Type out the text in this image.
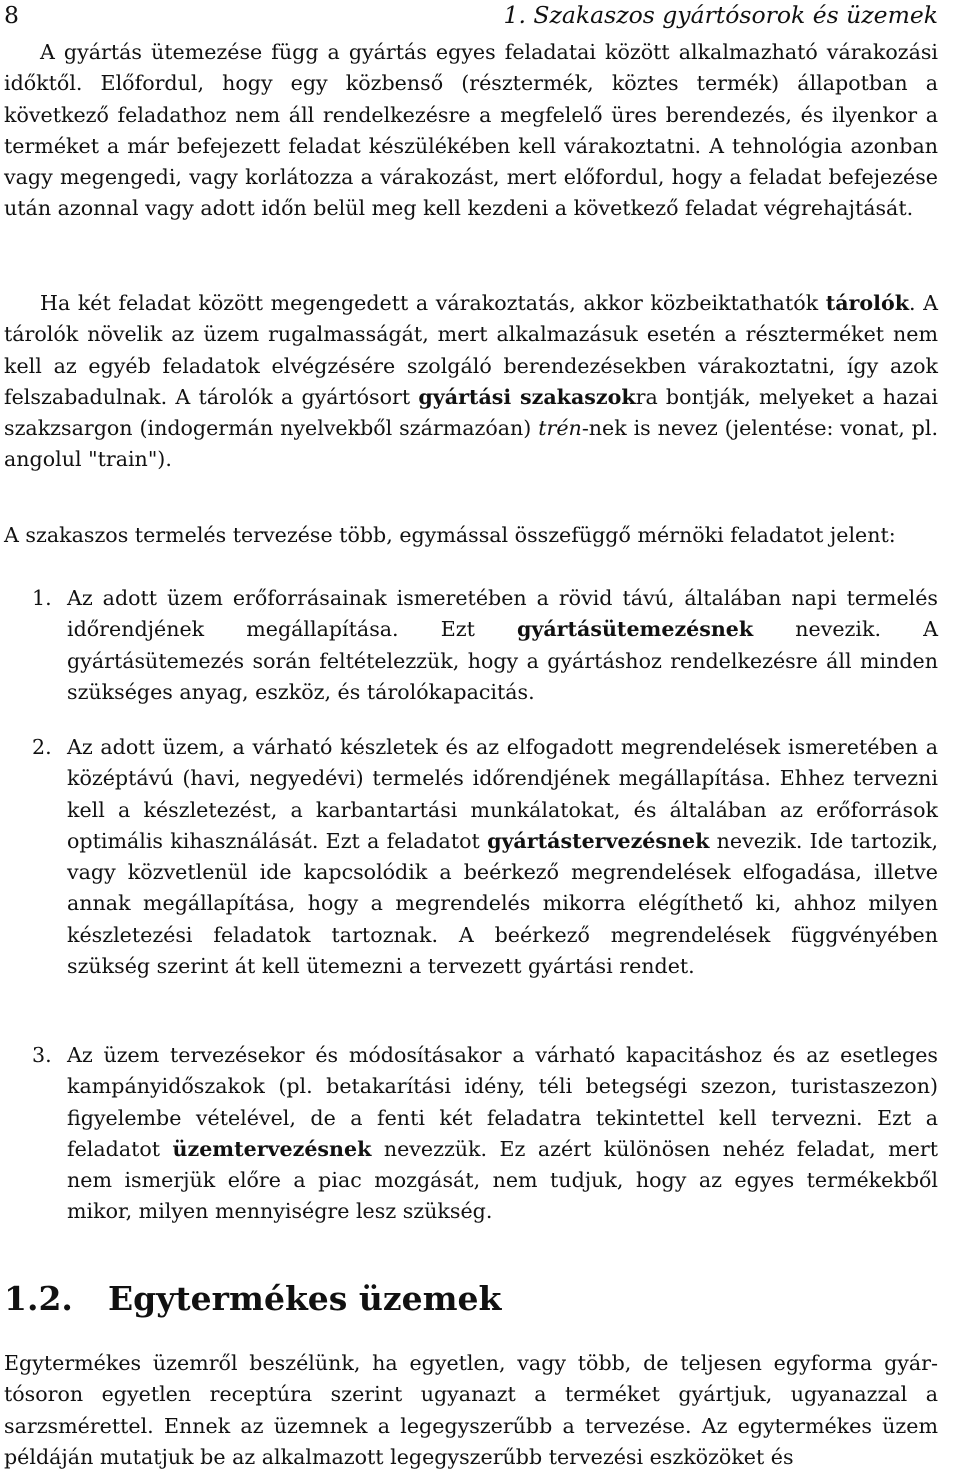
8	1. Szakaszos gyártósorok és üzemek

A gyártás ütemezése függ a gyártás egyes feladatai között alkalmazható várakozási időktől. Előfordul, hogy egy közbenső (résztermék, köztes termék) állapotban a következő feladathoz nem áll rendelkezésre a megfelelő üres berendezés, és ilyenkor a terméket a már befejezett feladat készülékében kell várakoztatni. A tehnológia azonban vagy megengedi, vagy korlátozza a várakozást, mert előfordul, hogy a feladat befejezése után azonnal vagy adott időn belül meg kell kezdeni a következő feladat végrehajtását.

Ha két feladat között megengedett a várakoztatás, akkor közbeiktathatók tárolók. A tárolók növelik az üzem rugalmasságát, mert alkalmazásuk esetén a részterméket nem kell az egyéb feladatok elvégzésére szolgáló berendezésekben várakoztatni, így azok felszabadulnak. A tárolók a gyártósort gyártási szakaszokra bontják, melyeket a hazai szakzsargon (indogermán nyelvekből származóan) trén-nek is nevez (jelentése: vonat, pl. angolul "train").

A szakaszos termelés tervezése több, egymással összefüggő mérnöki feladatot jelent:

1. Az adott üzem erőforrásainak ismeretében a rövid távú, általában napi termelés időrendjének megállapítása. Ezt gyártásütemezésnek nevezik. A gyártásütemezés során feltételezzük, hogy a gyártáshoz rendelkezésre áll minden szükséges anyag, eszköz, és tárolókapacitás.
2. Az adott üzem, a várható készletek és az elfogadott megrendelések ismeretében a középtávú (havi, negyedévi) termelés időrendjének megállapítása. Ehhez tervezni kell a készletezést, a karbantartási munkálatokat, és általában az erőforrások optimális kihasználását. Ezt a feladatot gyártástervezésnek nevezik. Ide tartozik, vagy közvetlenül ide kapcsolódik a beérkező megrendelések elfogadása, illetve annak megállapítása, hogy a megrendelés mikorra elégíthető ki, ahhoz milyen készletezési feladatok tartoznak. A beérkező megrendelések függvényében szükség szerint át kell ütemezni a tervezett gyártási rendet.
3. Az üzem tervezésekor és módosításakor a várható kapacitáshoz és az esetleges kampányidőszakok (pl. betakarítási idény, téli betegségi szezon, turistaszezon) figyelembe vételével, de a fenti két feladatra tekintettel kell tervezni. Ezt a feladatot üzemtervezésnek nevezzük. Ez azért különösen nehéz feladat, mert nem ismerjük előre a piac mozgását, nem tudjuk, hogy az egyes termékekből mikor, milyen mennyiségre lesz szükség.
1.2. Egytermékes üzemek

Egytermékes üzemről beszélünk, ha egyetlen, vagy több, de teljesen egyforma gyártósoron egyetlen receptúra szerint ugyanazt a terméket gyártjuk, ugyanazzal a sarzsmérettel. Ennek az üzemnek a legegyszerűbb a tervezése. Az egytermékes üzem példáján mutatjuk be az alkalmazott legegyszerűbb tervezési eszközöket és
